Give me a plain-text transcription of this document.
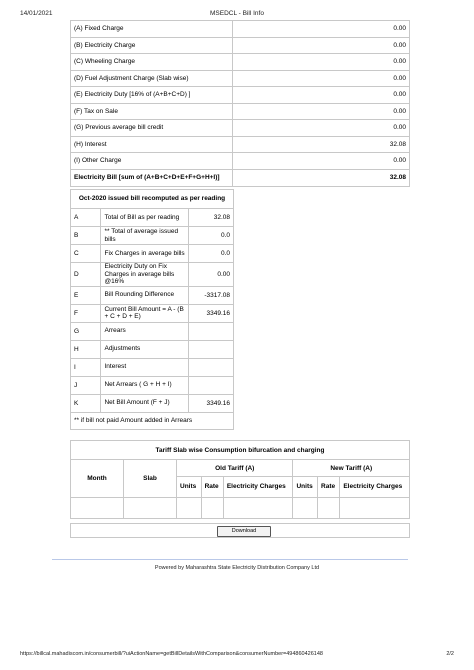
14/01/2021	MSEDCL - Bill Info
(A) Fixed Charge	0.00
(B) Electricity Charge	0.00
(C) Wheeling Charge	0.00
(D) Fuel Adjustment Charge (Slab wise)	0.00
(E) Electricity Duty [16% of (A+B+C+D) ]	0.00
(F) Tax on Sale	0.00
(G) Previous average bill credit	0.00
(H) Interest	32.08
(I) Other Charge	0.00
Electricity Bill [sum of (A+B+C+D+E+F+G+H+I)]	32.08
Oct-2020 issued bill recomputed as per reading		
A	Total of Bill as per reading	32.08
B	** Total of average issued bills	0.0
C	Fix Charges in average bills	0.0
D	Electricity Duty on Fix Charges in average bills @16%	0.00
E	Bill Rounding Difference	-3317.08
F	Current Bill Amount = A - (B + C + D + E)	3349.16
G	Arrears	
H	Adjustments	
I	Interest	
J	Net Arrears ( G + H + I)	
K	Net Bill Amount (F + J)	3349.16
** if bill not paid Amount added in Arrears		
Tariff Slab wise Consumption bifurcation and charging							
Month	Slab	Old Tariff (A)			New Tariff (A)		
		Units	Rate	Electricity Charges	Units	Rate	Electricity Charges

Download
Powered by Maharashtra State Electricity Distribution Company Ltd
https://billcal.mahadiscom.in/consumerbill/?uiActionName=getBillDetailsWithComparison&consumerNumber=494860426148	2/2
